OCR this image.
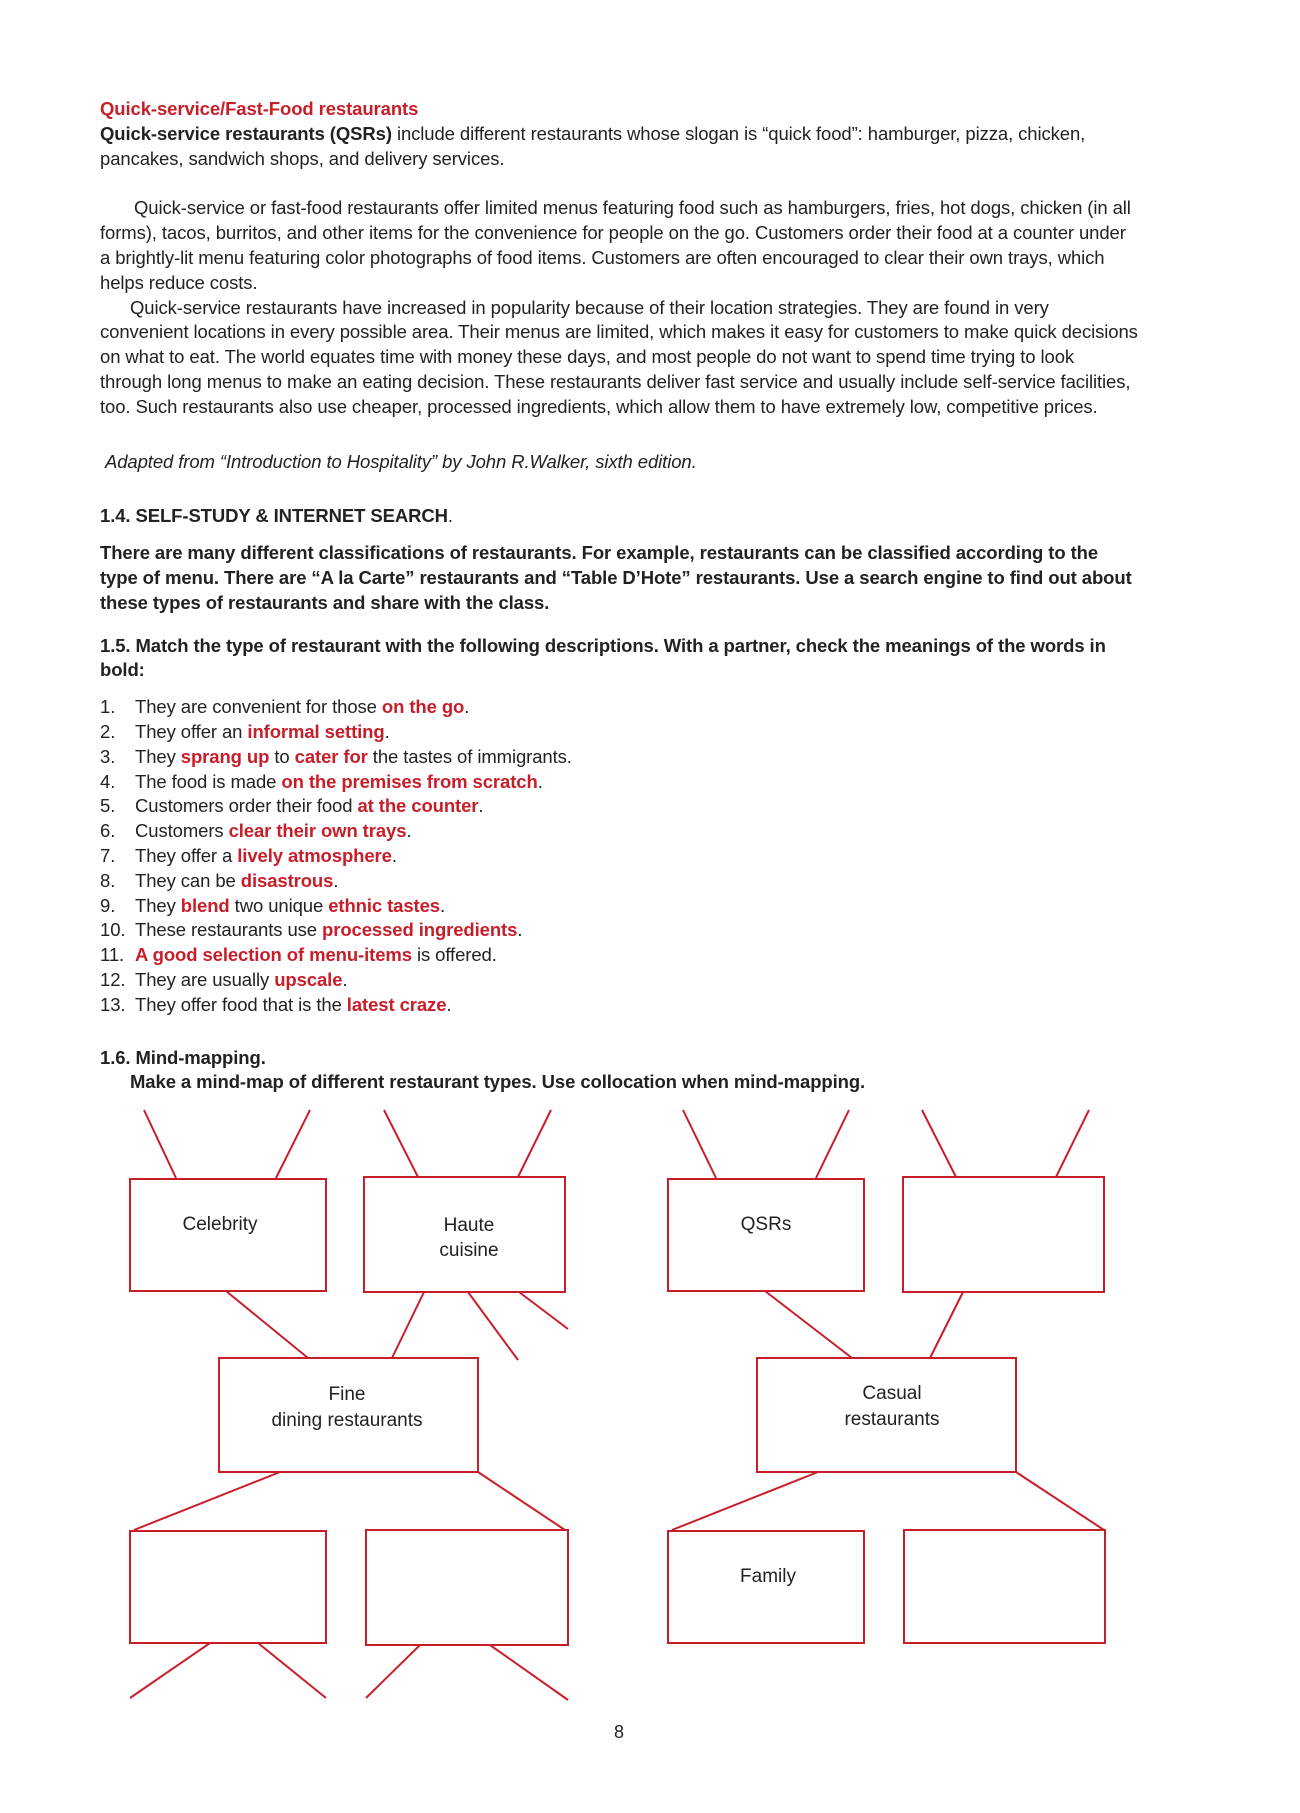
Quick-service/Fast-Food restaurants

Quick-service restaurants (QSRs) include different restaurants whose slogan is “quick food”: hamburger, pizza, chicken, pancakes, sandwich shops, and delivery services.

Quick-service or fast-food restaurants offer limited menus featuring food such as hamburgers, fries, hot dogs, chicken (in all forms), tacos, burritos, and other items for the convenience for people on the go. Customers order their food at a counter under a brightly-lit menu featuring color photographs of food items. Customers are often encouraged to clear their own trays, which helps reduce costs.

Quick-service restaurants have increased in popularity because of their location strategies. They are found in very convenient locations in every possible area. Their menus are limited, which makes it easy for customers to make quick decisions on what to eat. The world equates time with money these days, and most people do not want to spend time trying to look through long menus to make an eating decision. These restaurants deliver fast service and usually include self-service facilities, too. Such restaurants also use cheaper, processed ingredients, which allow them to have extremely low, competitive prices.

Adapted from “Introduction to Hospitality” by John R.Walker, sixth edition.

1.4. SELF-STUDY & INTERNET SEARCH.

There are many different classifications of restaurants. For example, restaurants can be classified according to the type of menu. There are “A la Carte” restaurants and “Table D’Hote” restaurants. Use a search engine to find out about these types of restaurants and share with the class.

1.5. Match the type of restaurant with the following descriptions. With a partner, check the meanings of the words in bold:

1.	They are convenient for those on the go.
2.	They offer an informal setting.
3.	They sprang up to cater for the tastes of immigrants.
4.	The food is made on the premises from scratch.
5.	Customers order their food at the counter.
6.	Customers clear their own trays.
7.	They offer a lively atmosphere.
8.	They can be disastrous.
9.	They blend two unique ethnic tastes.
10. These restaurants use processed ingredients.
11. A good selection of menu-items is offered.
12. They are usually upscale.
13. They offer food that is the latest craze.

1.6. Mind-mapping.

Make a mind-map of different restaurant types. Use collocation when mind-mapping.

Celebrity	Haute
cuisine
Fine
dining restaurants
QSRs
Casual
restaurants
Family
8
